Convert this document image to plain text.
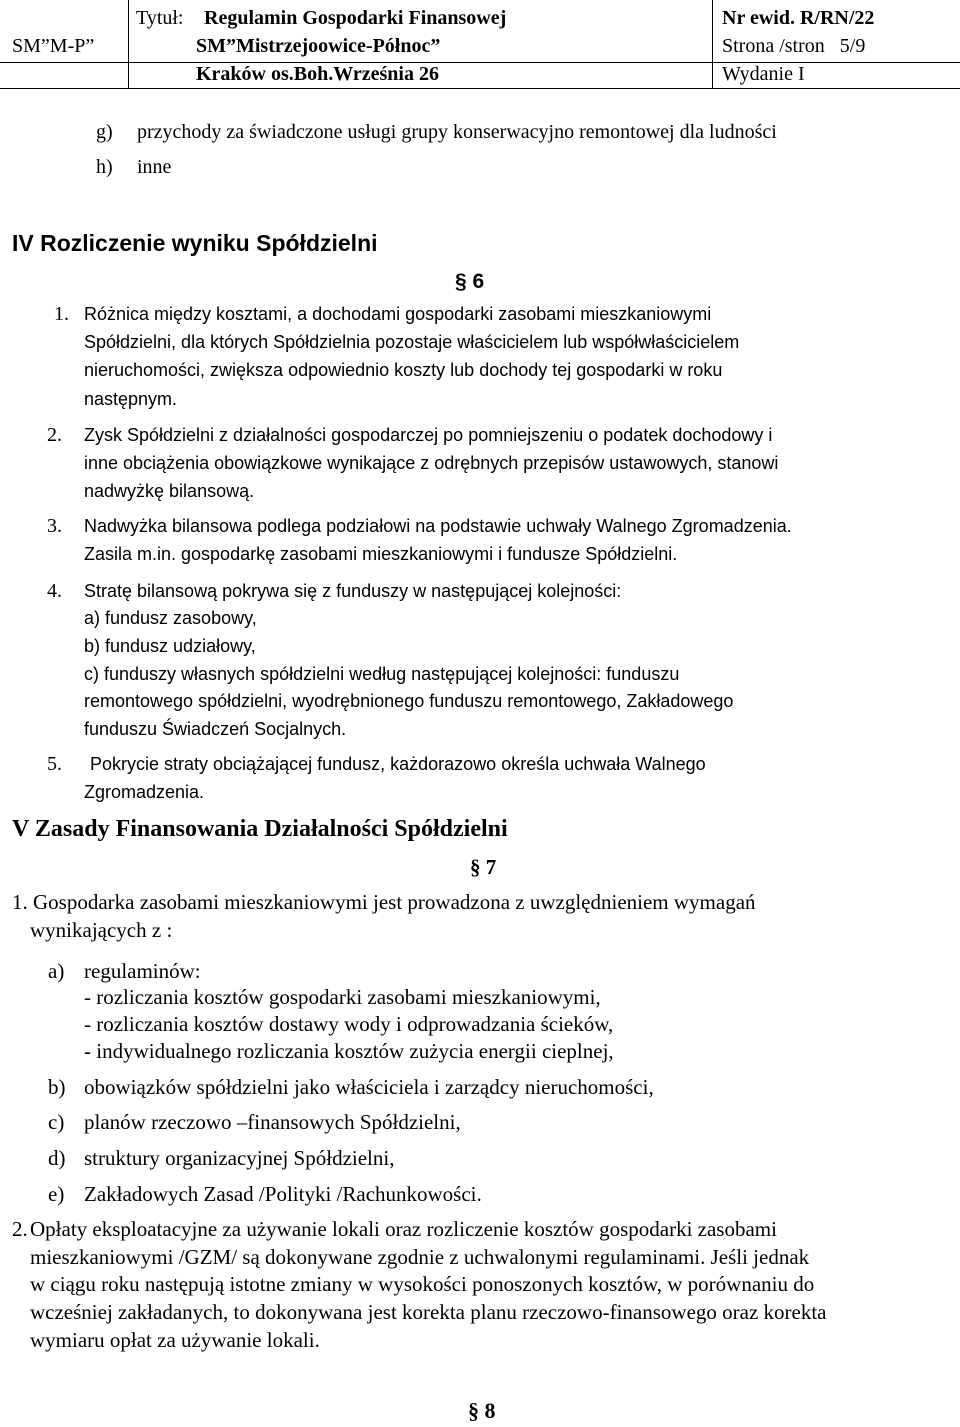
SM”M-P”
Tytuł: Regulamin Gospodarki Finansowej
SM”Mistrzejoowice-Północ”
Nr ewid. R/RN/22
Strona /stron 5/9
Kraków os.Boh.Września 26	Wydanie I
g) przychody za świadczone usługi grupy konserwacyjno remontowej dla ludności
h) inne
IV Rozliczenie wyniku Spółdzielni
§ 6
1. Różnica między kosztami, a dochodami gospodarki zasobami mieszkaniowymi
Spółdzielni, dla których Spółdzielnia pozostaje właścicielem lub współwłaścicielem
nieruchomości, zwiększa odpowiednio koszty lub dochody tej gospodarki w roku
następnym.
2. Zysk Spółdzielni z działalności gospodarczej po pomniejszeniu o podatek dochodowy i
inne obciążenia obowiązkowe wynikające z odrębnych przepisów ustawowych, stanowi
nadwyżkę bilansową.
3. Nadwyżka bilansowa podlega podziałowi na podstawie uchwały Walnego Zgromadzenia.
Zasila m.in. gospodarkę zasobami mieszkaniowymi i fundusze Spółdzielni.
4. Stratę bilansową pokrywa się z funduszy w następującej kolejności:
a) fundusz zasobowy,
b) fundusz udziałowy,
c) funduszy własnych spółdzielni według następującej kolejności: funduszu
remontowego spółdzielni, wyodrębnionego funduszu remontowego, Zakładowego
funduszu Świadczeń Socjalnych.
5. Pokrycie straty obciążającej fundusz, każdorazowo określa uchwała Walnego
Zgromadzenia.
V Zasady Finansowania Działalności Spółdzielni
§ 7
1. Gospodarka zasobami mieszkaniowymi jest prowadzona z uwzględnieniem wymagań
wynikających z :
a) regulaminów:
- rozliczania kosztów gospodarki zasobami mieszkaniowymi,
- rozliczania kosztów dostawy wody i odprowadzania ścieków,
- indywidualnego rozliczania kosztów zużycia energii cieplnej,
b) obowiązków spółdzielni jako właściciela i zarządcy nieruchomości,
c) planów rzeczowo –finansowych Spółdzielni,
d) struktury organizacyjnej Spółdzielni,
e) Zakładowych Zasad /Polityki /Rachunkowości.
2. Opłaty eksploatacyjne za używanie lokali oraz rozliczenie kosztów gospodarki zasobami
mieszkaniowymi /GZM/ są dokonywane zgodnie z uchwalonymi regulaminami. Jeśli jednak
w ciągu roku następują istotne zmiany w wysokości ponoszonych kosztów, w porównaniu do
wcześniej zakładanych, to dokonywana jest korekta planu rzeczowo-finansowego oraz korekta
wymiaru opłat za używanie lokali.
§ 8
